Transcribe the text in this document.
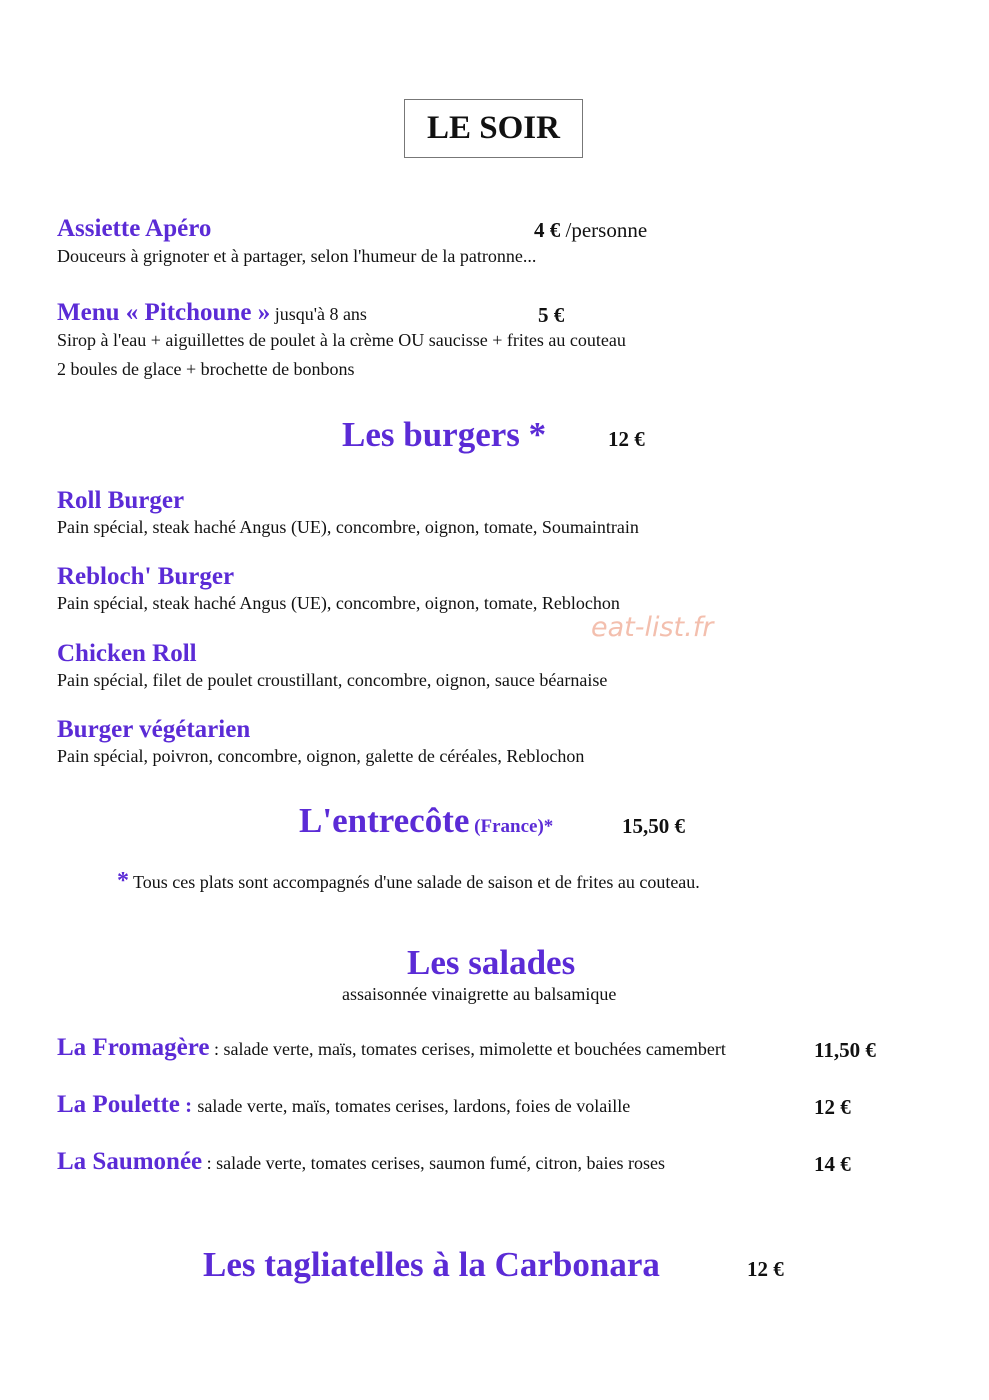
LE SOIR
Assiette Apéro	4 € /personne
Douceurs à grignoter et à partager, selon l'humeur de la patronne...
Menu « Pitchoune » jusqu'à 8 ans	5 €
Sirop à l'eau + aiguillettes de poulet à la crème OU saucisse + frites au couteau
2 boules de glace + brochette de bonbons
Les burgers *	12 €
Roll Burger
Pain spécial, steak haché Angus (UE), concombre, oignon, tomate, Soumaintrain
Rebloch' Burger
Pain spécial, steak haché Angus (UE), concombre, oignon, tomate, Reblochon
eat-list.fr
Chicken Roll
Pain spécial, filet de poulet croustillant, concombre, oignon, sauce béarnaise
Burger végétarien
Pain spécial, poivron, concombre, oignon, galette de céréales, Reblochon
L'entrecôte (France)*	15,50 €
* Tous ces plats sont accompagnés d'une salade de saison et de frites au couteau.
Les salades
assaisonnée vinaigrette au balsamique
La Fromagère : salade verte, maïs, tomates cerises, mimolette et bouchées camembert	11,50 €
La Poulette : salade verte, maïs, tomates cerises, lardons, foies de volaille	12 €
La Saumonée : salade verte, tomates cerises, saumon fumé, citron, baies roses	14 €
Les tagliatelles à la Carbonara	12 €
